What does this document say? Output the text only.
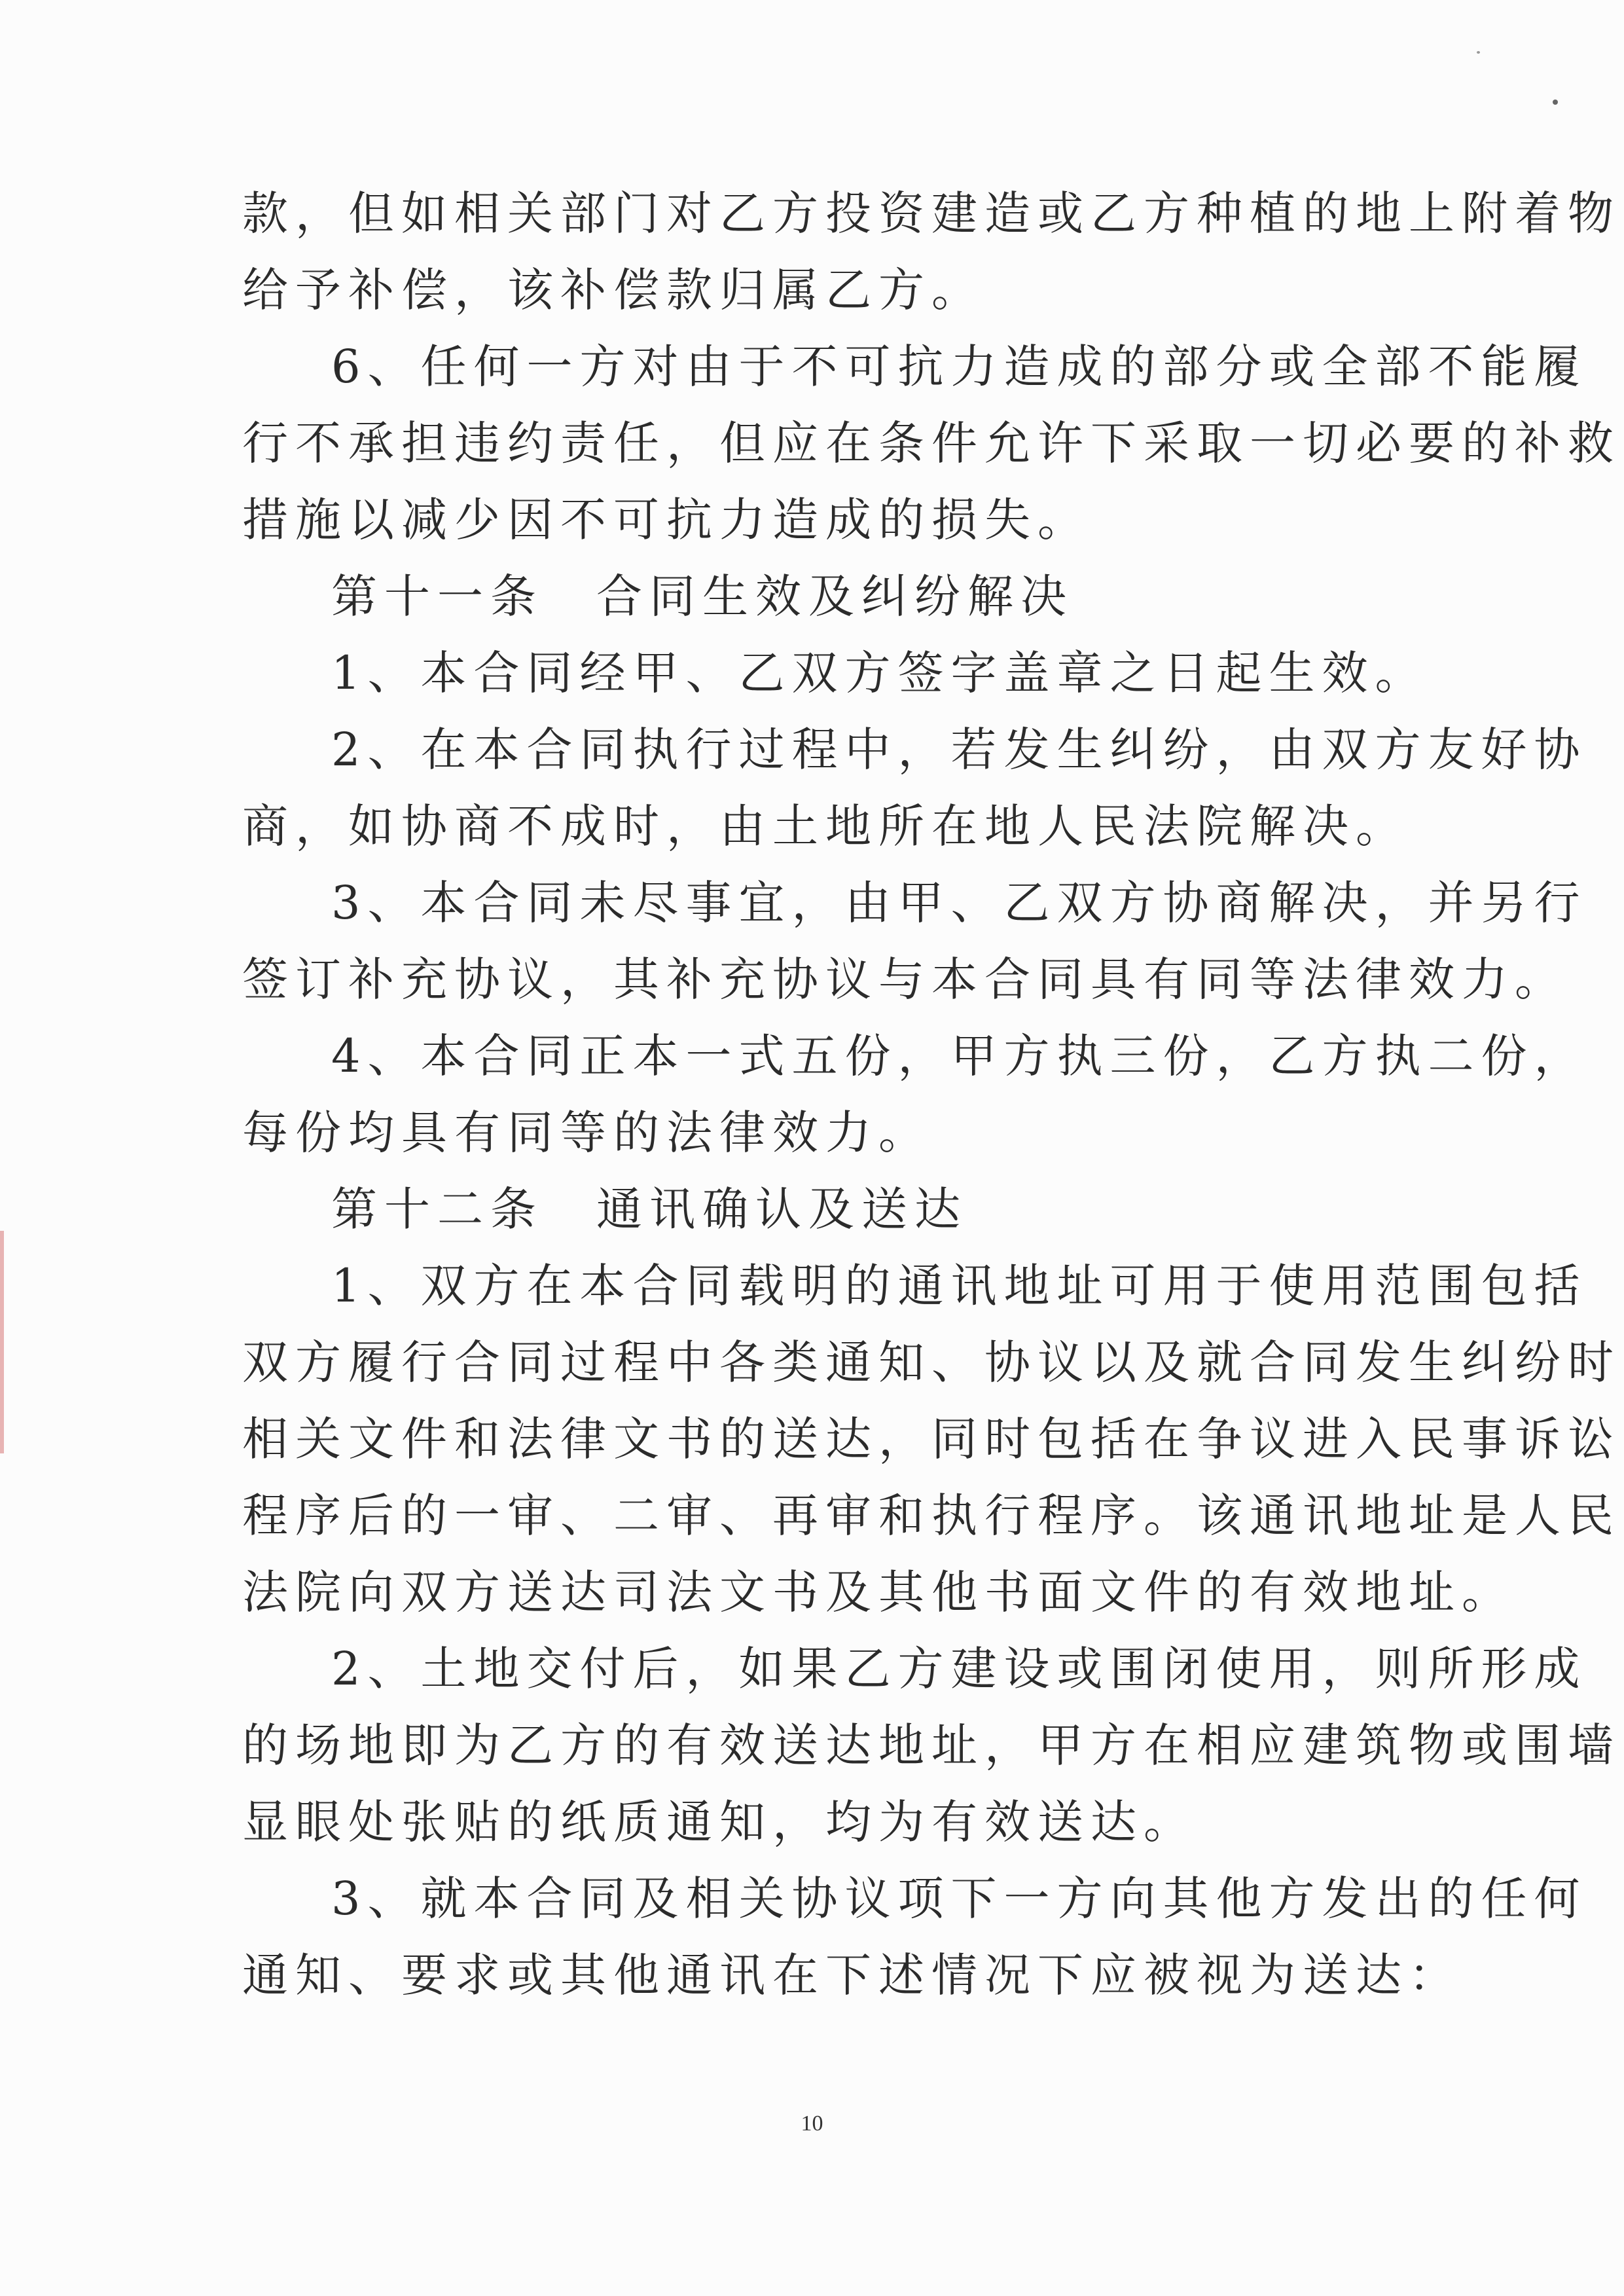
款，但如相关部门对乙方投资建造或乙方种植的地上附着物
给予补偿，该补偿款归属乙方。

6、任何一方对由于不可抗力造成的部分或全部不能履
行不承担违约责任，但应在条件允许下采取一切必要的补救
措施以减少因不可抗力造成的损失。

第十一条　合同生效及纠纷解决

1、本合同经甲、乙双方签字盖章之日起生效。

2、在本合同执行过程中，若发生纠纷，由双方友好协
商，如协商不成时，由土地所在地人民法院解决。

3、本合同未尽事宜，由甲、乙双方协商解决，并另行
签订补充协议，其补充协议与本合同具有同等法律效力。

4、本合同正本一式五份，甲方执三份，乙方执二份，
每份均具有同等的法律效力。

第十二条　通讯确认及送达

1、双方在本合同载明的通讯地址可用于使用范围包括
双方履行合同过程中各类通知、协议以及就合同发生纠纷时
相关文件和法律文书的送达，同时包括在争议进入民事诉讼
程序后的一审、二审、再审和执行程序。该通讯地址是人民
法院向双方送达司法文书及其他书面文件的有效地址。

2、土地交付后，如果乙方建设或围闭使用，则所形成
的场地即为乙方的有效送达地址，甲方在相应建筑物或围墙
显眼处张贴的纸质通知，均为有效送达。

3、就本合同及相关协议项下一方向其他方发出的任何
通知、要求或其他通讯在下述情况下应被视为送达：

10
